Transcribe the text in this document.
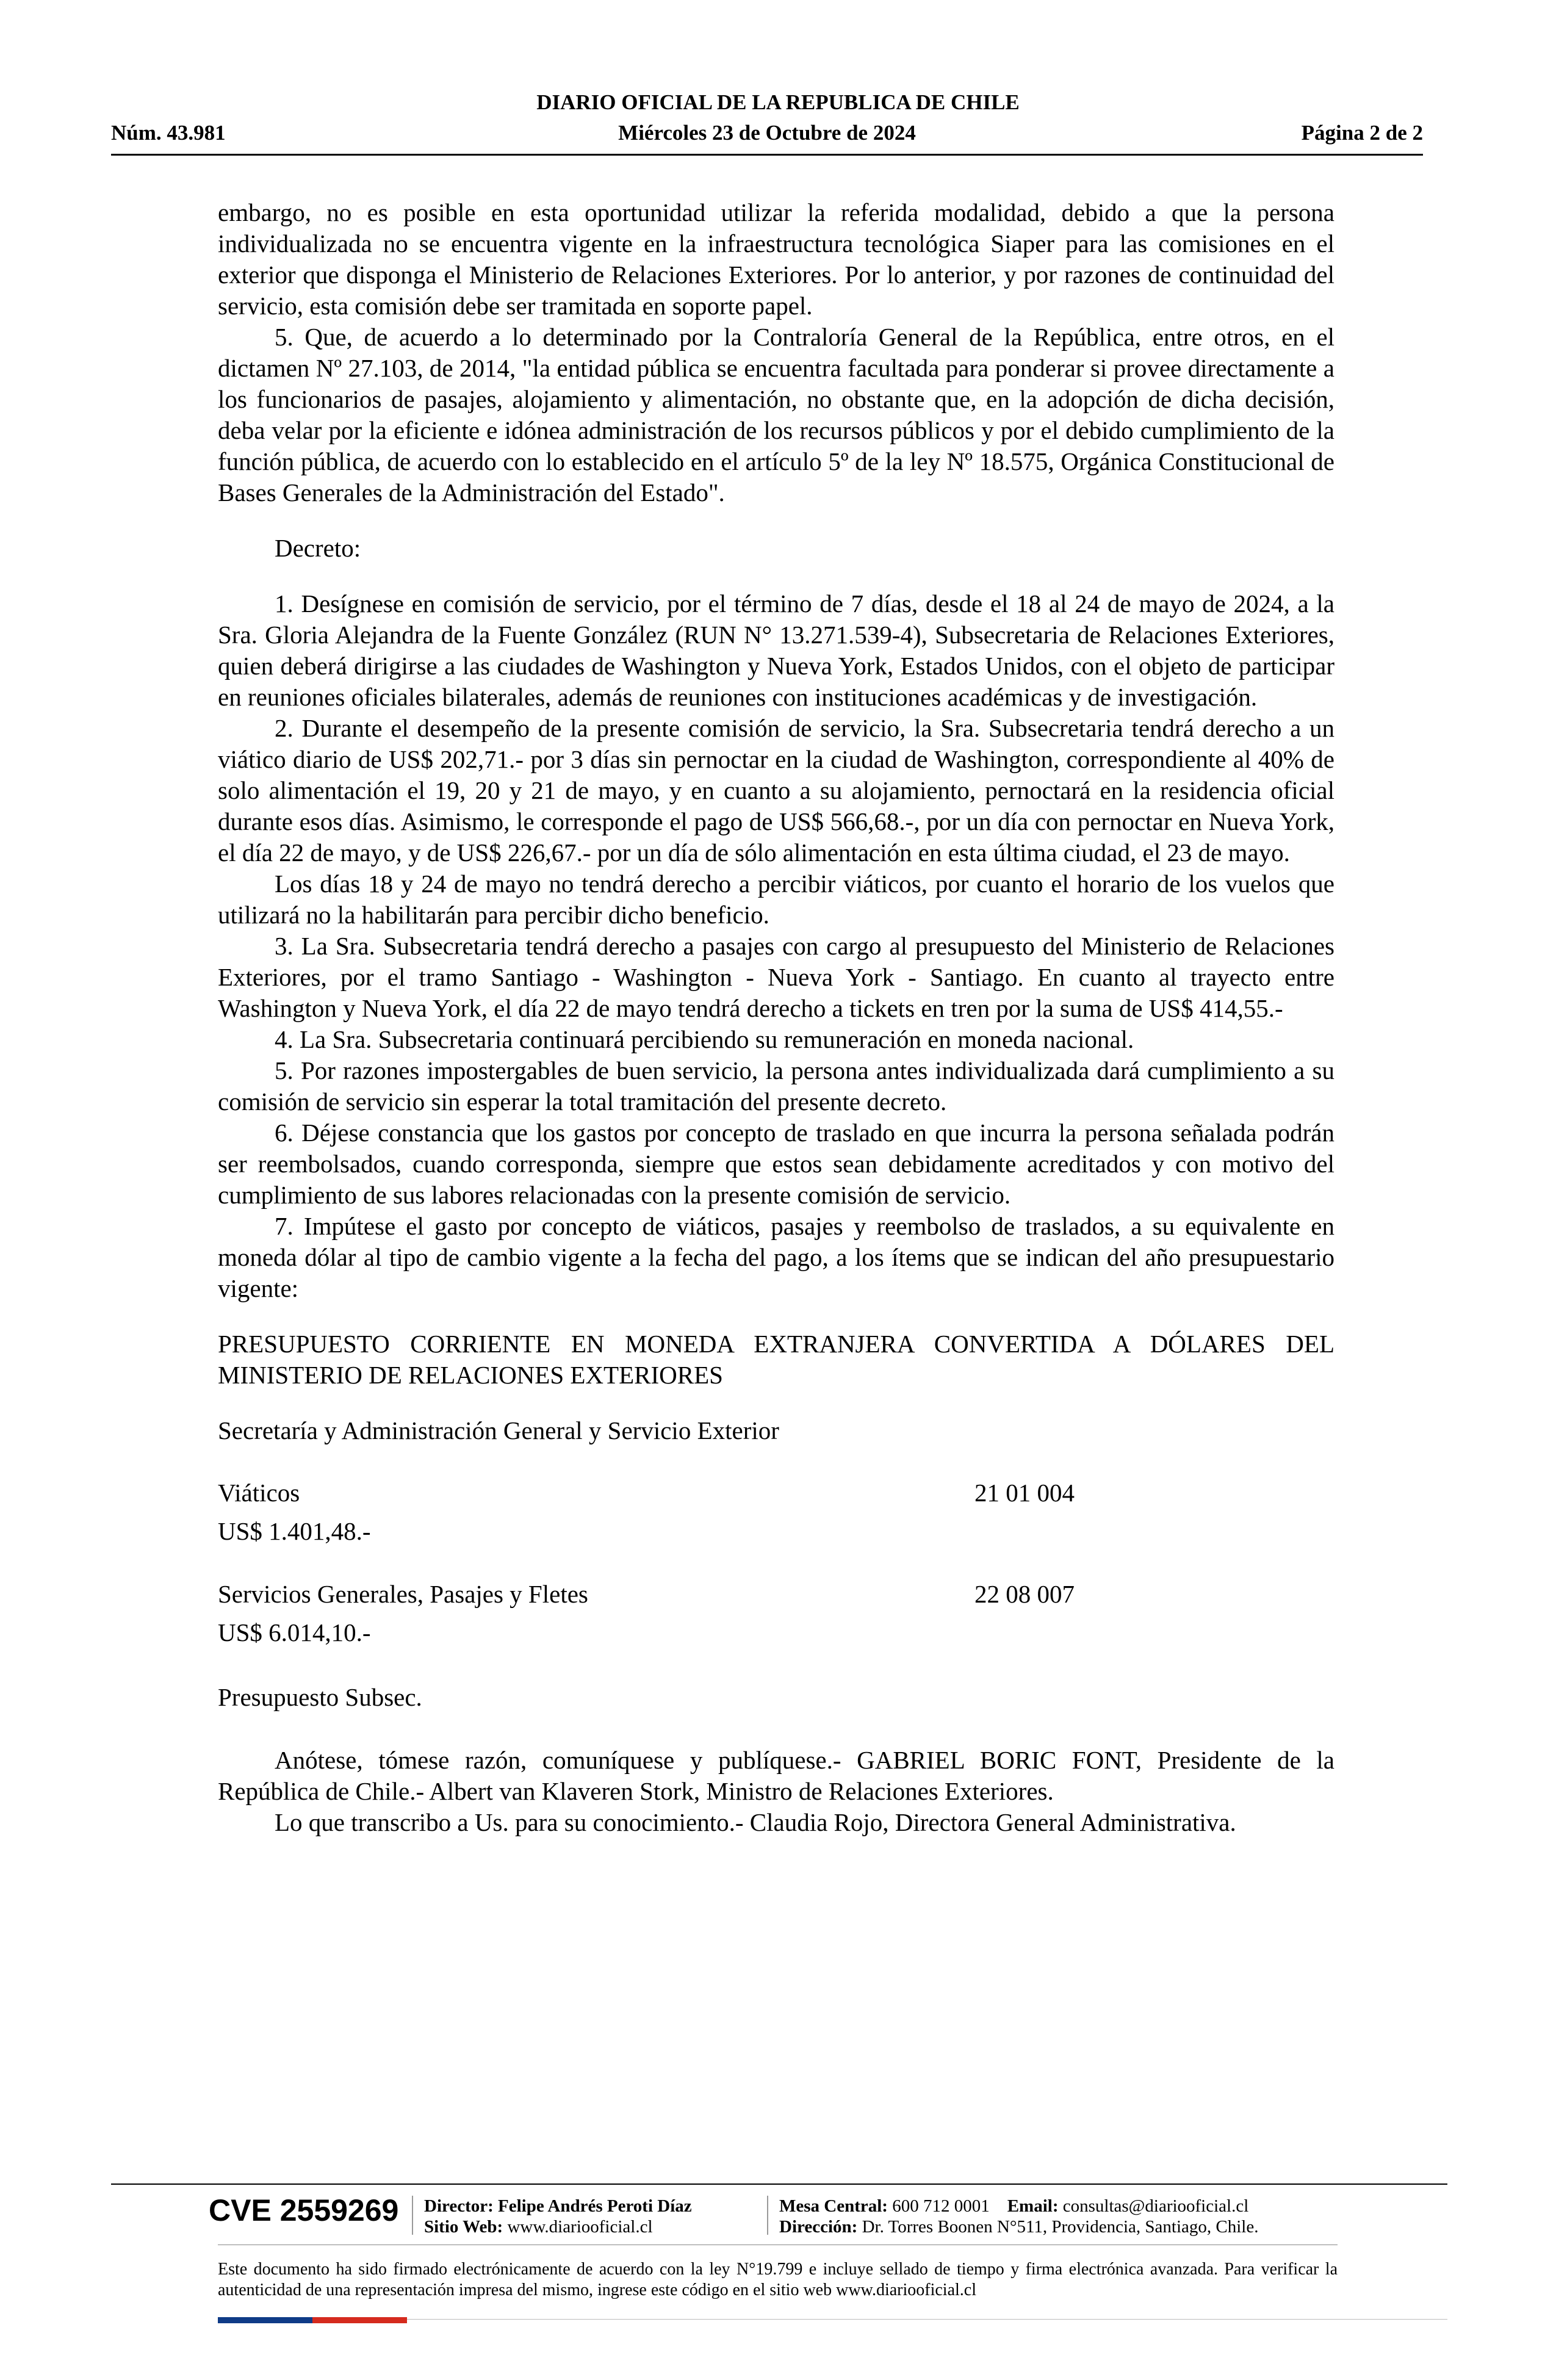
DIARIO OFICIAL DE LA REPUBLICA DE CHILE
Núm. 43.981	Miércoles 23 de Octubre de 2024	Página 2 de 2

embargo, no es posible en esta oportunidad utilizar la referida modalidad, debido a que la persona individualizada no se encuentra vigente en la infraestructura tecnológica Siaper para las comisiones en el exterior que disponga el Ministerio de Relaciones Exteriores. Por lo anterior, y por razones de continuidad del servicio, esta comisión debe ser tramitada en soporte papel.

5. Que, de acuerdo a lo determinado por la Contraloría General de la República, entre otros, en el dictamen Nº 27.103, de 2014, "la entidad pública se encuentra facultada para ponderar si provee directamente a los funcionarios de pasajes, alojamiento y alimentación, no obstante que, en la adopción de dicha decisión, deba velar por la eficiente e idónea administración de los recursos públicos y por el debido cumplimiento de la función pública, de acuerdo con lo establecido en el artículo 5º de la ley Nº 18.575, Orgánica Constitucional de Bases Generales de la Administración del Estado".

Decreto:

1. Desígnese en comisión de servicio, por el término de 7 días, desde el 18 al 24 de mayo de 2024, a la Sra. Gloria Alejandra de la Fuente González (RUN N° 13.271.539-4), Subsecretaria de Relaciones Exteriores, quien deberá dirigirse a las ciudades de Washington y Nueva York, Estados Unidos, con el objeto de participar en reuniones oficiales bilaterales, además de reuniones con instituciones académicas y de investigación.

2. Durante el desempeño de la presente comisión de servicio, la Sra. Subsecretaria tendrá derecho a un viático diario de US$ 202,71.- por 3 días sin pernoctar en la ciudad de Washington, correspondiente al 40% de solo alimentación el 19, 20 y 21 de mayo, y en cuanto a su alojamiento, pernoctará en la residencia oficial durante esos días. Asimismo, le corresponde el pago de US$ 566,68.-, por un día con pernoctar en Nueva York, el día 22 de mayo, y de US$ 226,67.- por un día de sólo alimentación en esta última ciudad, el 23 de mayo.

Los días 18 y 24 de mayo no tendrá derecho a percibir viáticos, por cuanto el horario de los vuelos que utilizará no la habilitarán para percibir dicho beneficio.

3. La Sra. Subsecretaria tendrá derecho a pasajes con cargo al presupuesto del Ministerio de Relaciones Exteriores, por el tramo Santiago - Washington - Nueva York - Santiago. En cuanto al trayecto entre Washington y Nueva York, el día 22 de mayo tendrá derecho a tickets en tren por la suma de US$ 414,55.-

4. La Sra. Subsecretaria continuará percibiendo su remuneración en moneda nacional.

5. Por razones impostergables de buen servicio, la persona antes individualizada dará cumplimiento a su comisión de servicio sin esperar la total tramitación del presente decreto.

6. Déjese constancia que los gastos por concepto de traslado en que incurra la persona señalada podrán ser reembolsados, cuando corresponda, siempre que estos sean debidamente acreditados y con motivo del cumplimiento de sus labores relacionadas con la presente comisión de servicio.

7. Impútese el gasto por concepto de viáticos, pasajes y reembolso de traslados, a su equivalente en moneda dólar al tipo de cambio vigente a la fecha del pago, a los ítems que se indican del año presupuestario vigente:

PRESUPUESTO CORRIENTE EN MONEDA EXTRANJERA CONVERTIDA A DÓLARES DEL MINISTERIO DE RELACIONES EXTERIORES

Secretaría y Administración General y Servicio Exterior

Viáticos	21 01 004

US$ 1.401,48.-

Servicios Generales, Pasajes y Fletes	22 08 007

US$ 6.014,10.-

Presupuesto Subsec.

Anótese, tómese razón, comuníquese y publíquese.- GABRIEL BORIC FONT, Presidente de la República de Chile.- Albert van Klaveren Stork, Ministro de Relaciones Exteriores.

Lo que transcribo a Us. para su conocimiento.- Claudia Rojo, Directora General Administrativa.

CVE 2559269 Director: Felipe Andrés Peroti Díaz
Sitio Web: www.diariooficial.cl
Mesa Central: 600 712 0001 Email: consultas@diariooficial.cl
Dirección: Dr. Torres Boonen N°511, Providencia, Santiago, Chile.
Este documento ha sido firmado electrónicamente de acuerdo con la ley N°19.799 e incluye sellado de tiempo y firma electrónica avanzada. Para verificar la autenticidad de una representación impresa del mismo, ingrese este código en el sitio web www.diariooficial.cl
